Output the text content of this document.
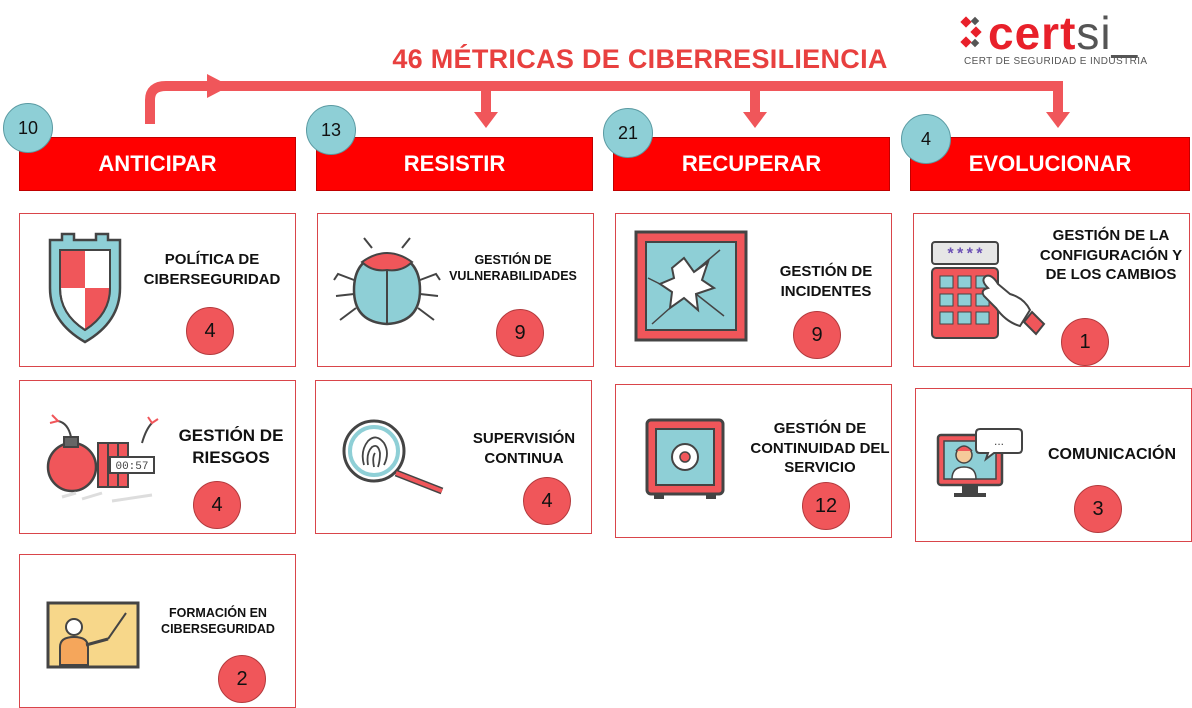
46 MÉTRICAS DE CIBERRESILIENCIA certsi_
CERT DE SEGURIDAD E INDUSTRIA
ANTICIPAR
10
POLÍTICA DE CIBERSEGURIDAD
4
00:57
GESTIÓN DE RIESGOS
4
FORMACIÓN EN CIBERSEGURIDAD
2
RESISTIR
13
GESTIÓN DE VULNERABILIDADES
9
SUPERVISIÓN CONTINUA
4
RECUPERAR
21
GESTIÓN DE INCIDENTES
9
GESTIÓN DE CONTINUIDAD DEL SERVICIO
12
EVOLUCIONAR
4
****
GESTIÓN DE LA CONFIGURACIÓN Y DE LOS CAMBIOS
1
...
COMUNICACIÓN
3
